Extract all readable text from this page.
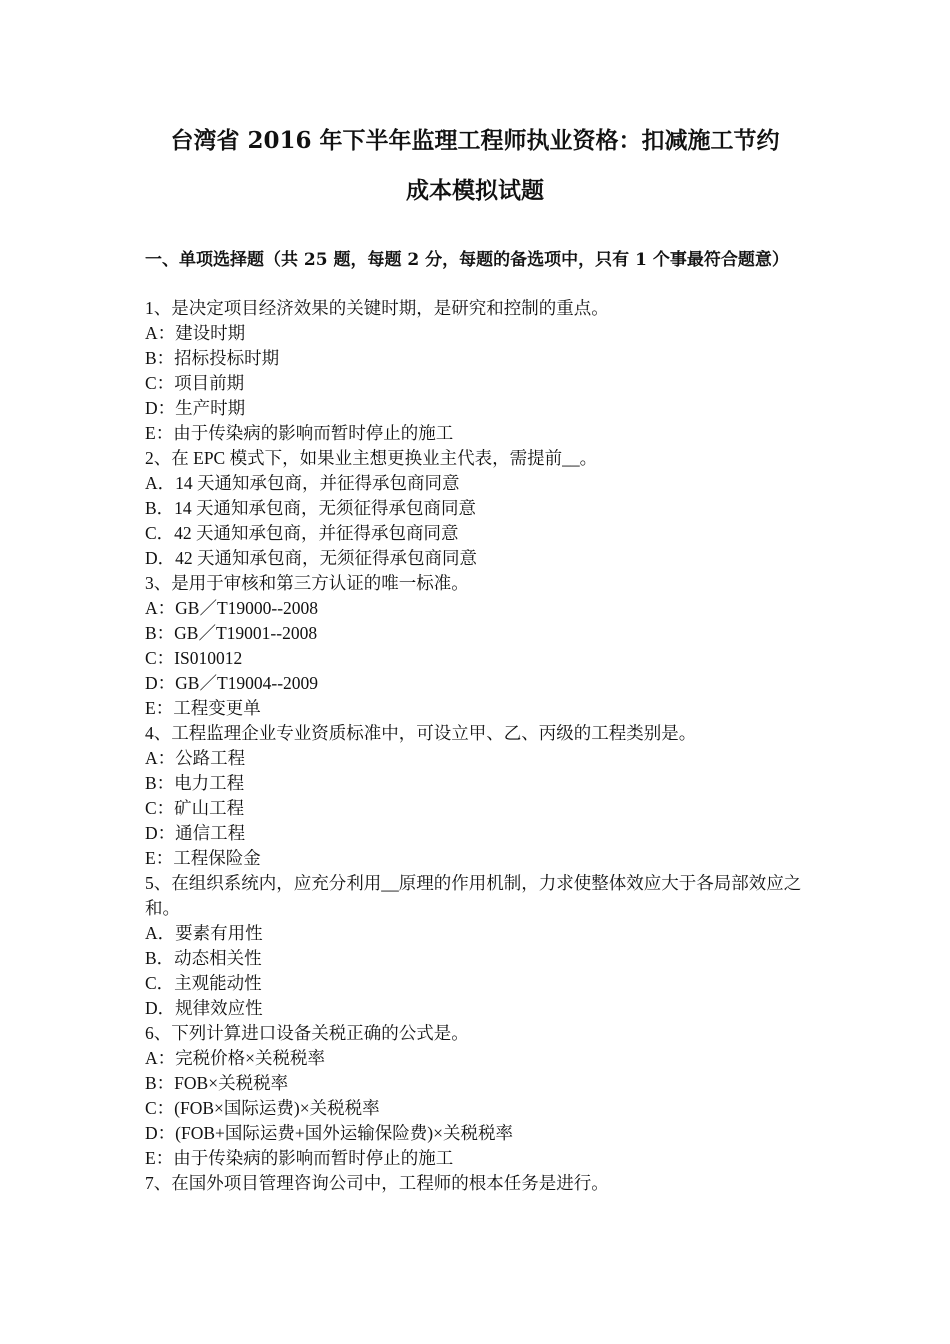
台湾省 2016 年下半年监理工程师执业资格：扣减施工节约
成本模拟试题

一、单项选择题（共 25 题，每题 2 分，每题的备选项中，只有 1 个事最符合题意）

1、是决定项目经济效果的关键时期，是研究和控制的重点。

A：建设时期

B：招标投标时期

C：项目前期

D：生产时期

E：由于传染病的影响而暂时停止的施工

2、在 EPC 模式下，如果业主想更换业主代表，需提前__。

A．14 天通知承包商，并征得承包商同意

B．14 天通知承包商，无须征得承包商同意

C．42 天通知承包商，并征得承包商同意

D．42 天通知承包商，无须征得承包商同意

3、是用于审核和第三方认证的唯一标准。

A：GB／T19000--2008

B：GB／T19001--2008

C：IS010012

D：GB／T19004--2009

E：工程变更单

4、工程监理企业专业资质标准中，可设立甲、乙、丙级的工程类别是。

A：公路工程

B：电力工程

C：矿山工程

D：通信工程

E：工程保险金

5、在组织系统内，应充分利用__原理的作用机制，力求使整体效应大于各局部效应之和。

A．要素有用性

B．动态相关性

C．主观能动性

D．规律效应性

6、下列计算进口设备关税正确的公式是。

A：完税价格×关税税率

B：FOB×关税税率

C：(FOB×国际运费)×关税税率

D：(FOB+国际运费+国外运输保险费)×关税税率

E：由于传染病的影响而暂时停止的施工

7、在国外项目管理咨询公司中，工程师的根本任务是进行。
